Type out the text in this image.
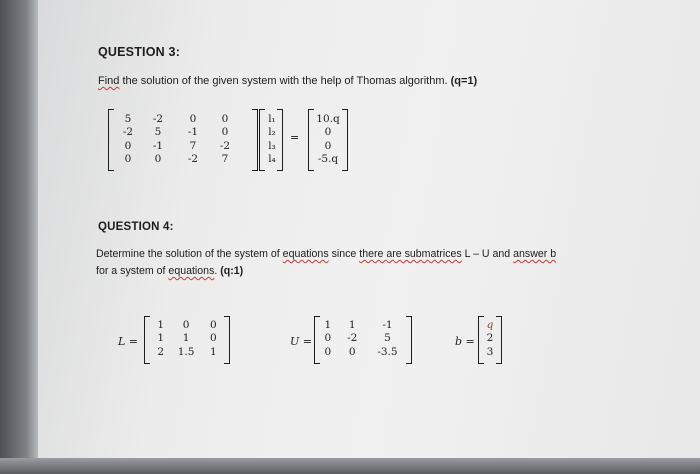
QUESTION 3:
Find the solution of the given system with the help of Thomas algorithm. (q=1)
5	-2	0	0
-2	5	-1	0
0	-1	7	-2
0	0	-2	7
l₁
l₂
l₃
l₄
=
10.q
0
0
-5.q
QUESTION 4:
Determine the solution of the system of equations since there are submatrices L – U and answer b
for a system of equations. (q:1)
L =
1	0	0
1	1	0
2	1.5	1
U =
1	1	-1
0	-2	5
0	0	-3.5
b =
q
2
3
